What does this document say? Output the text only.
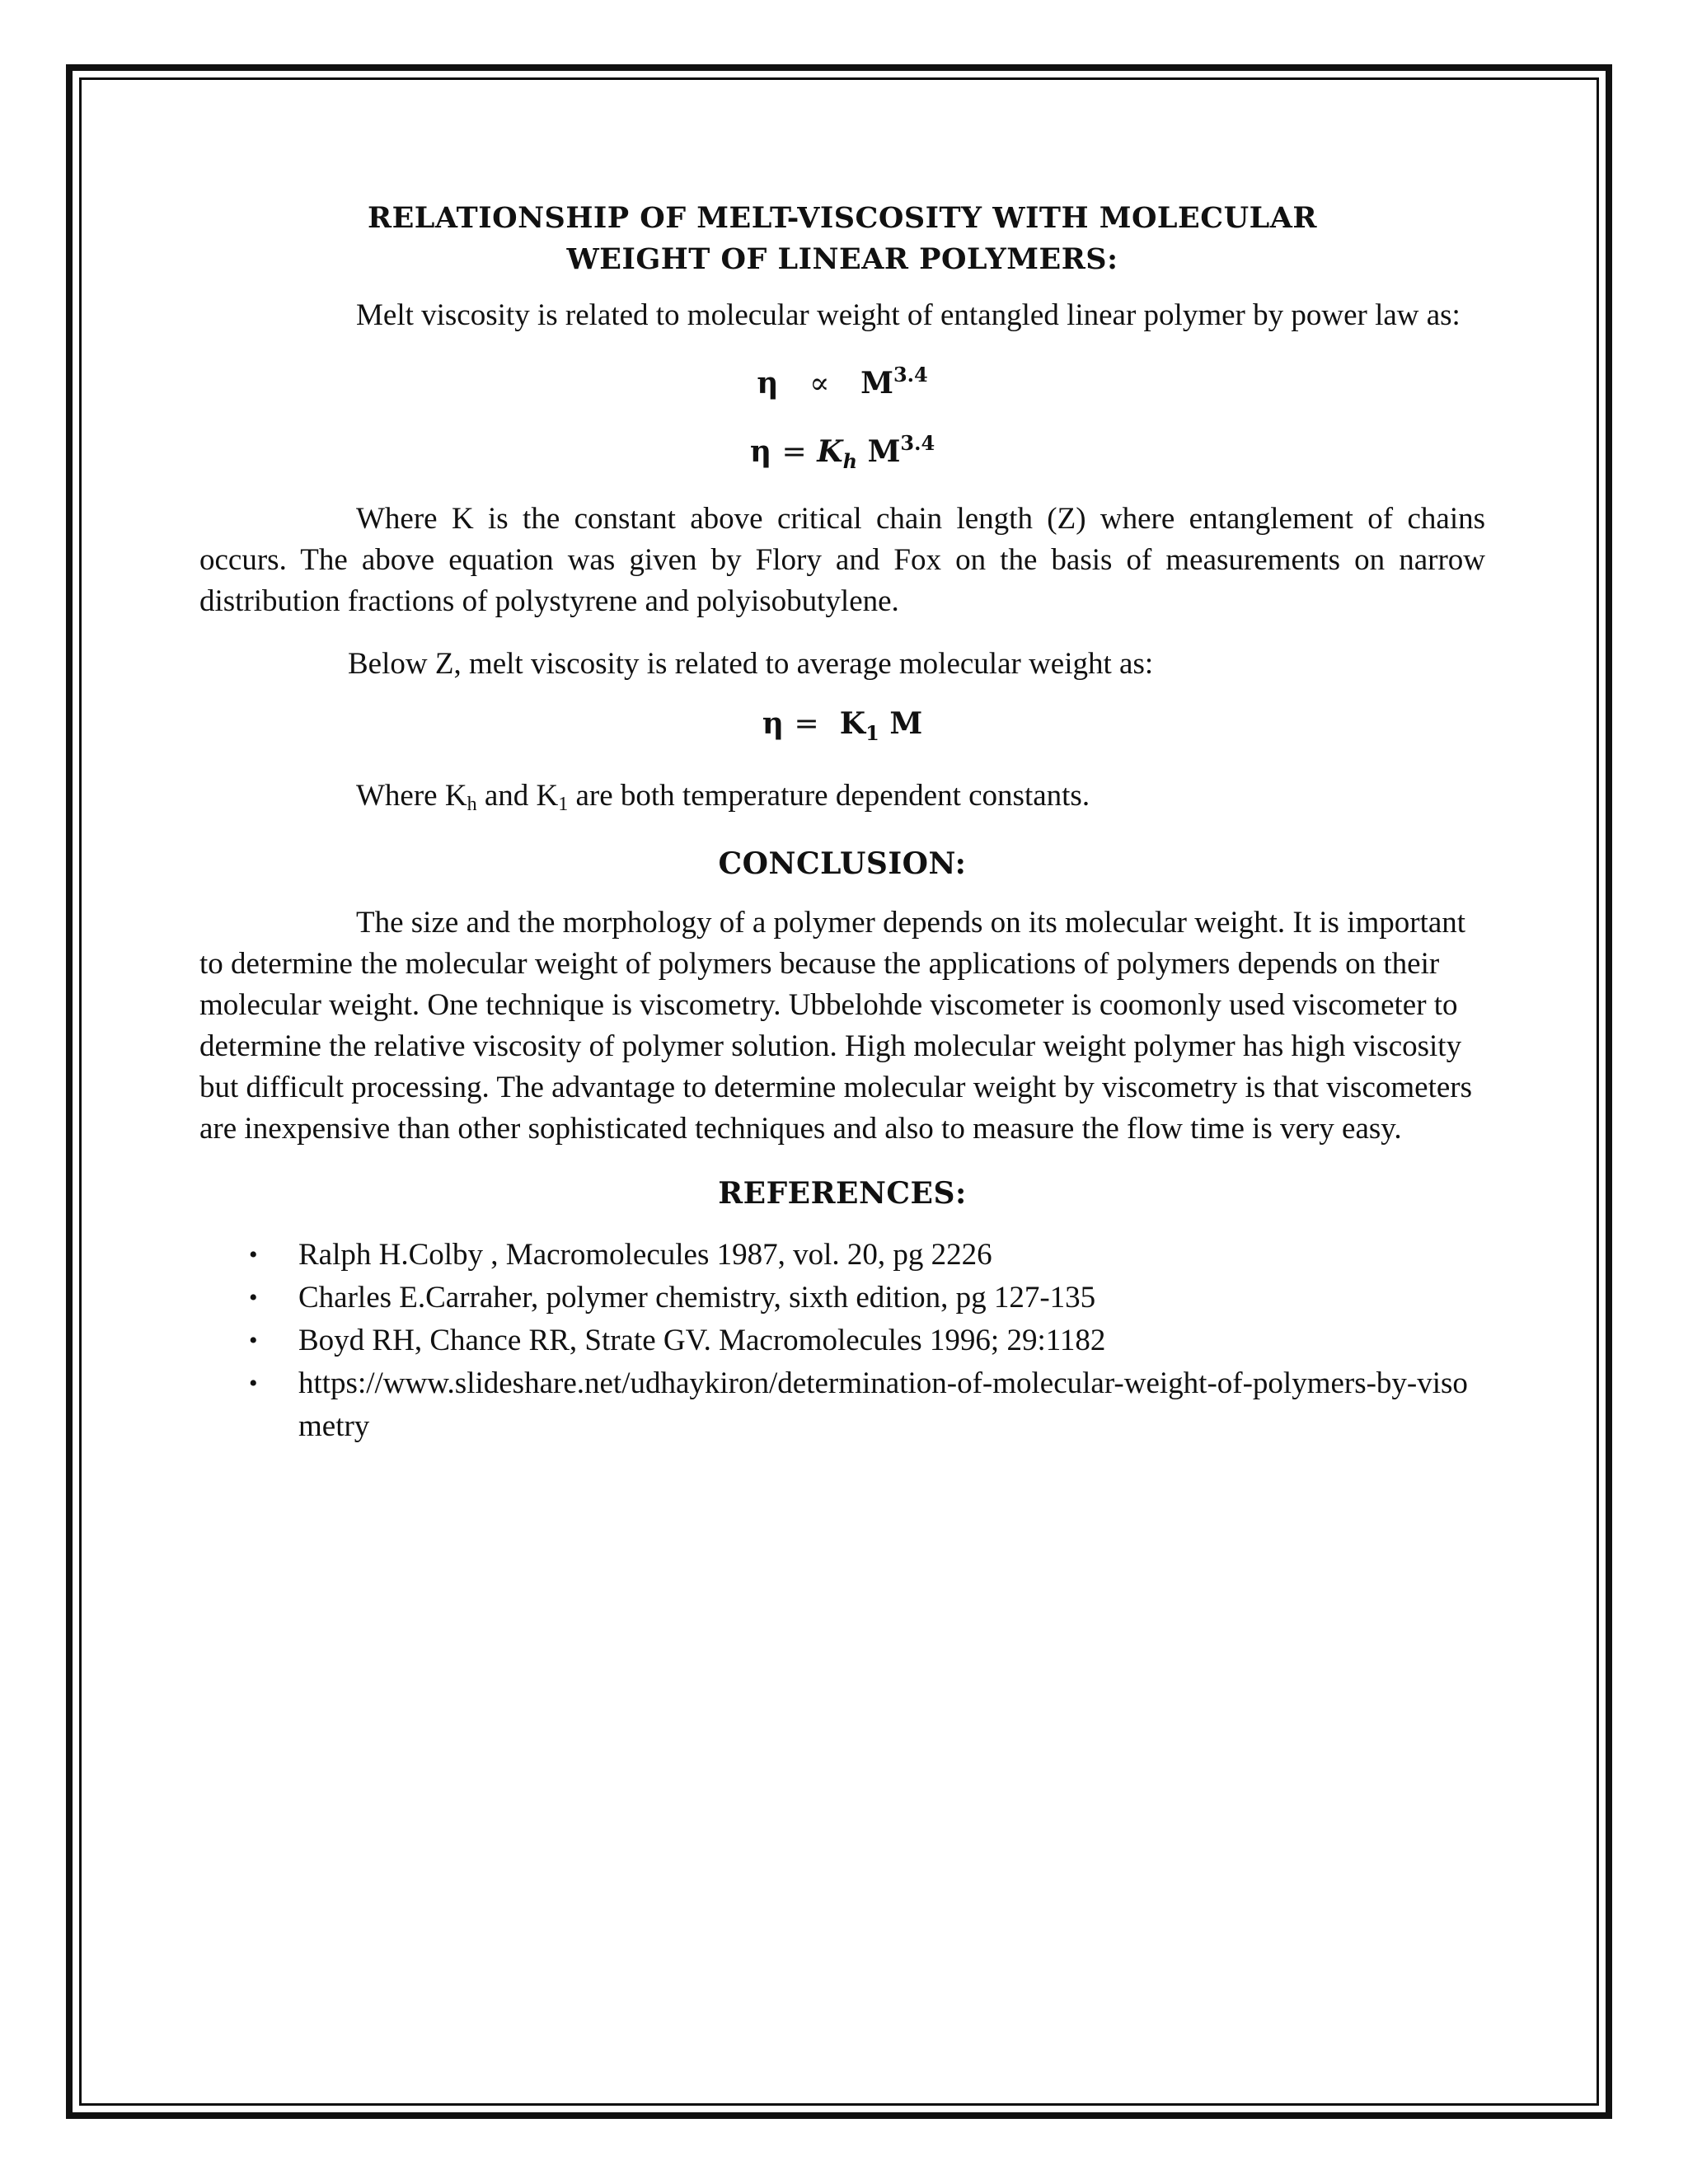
RELATIONSHIP OF MELT-VISCOSITY WITH MOLECULAR
WEIGHT OF LINEAR POLYMERS:

Melt viscosity is related to molecular weight of entangled linear polymer by power law as:

$\eta \propto M^{3.4}$
$\eta = K_h$ $M^{3.4}$

Where K is the constant above critical chain length (Z) where entanglement of chains occurs. The above equation was given by Flory and Fox on the basis of measurements on narrow distribution fractions of polystyrene and polyisobutylene.

Below Z, melt viscosity is related to average molecular weight as:

$\eta = K_1$ M

Where Kh and K1 are both temperature dependent constants.

CONCLUSION:

The size and the morphology of a polymer depends on its molecular weight. It is important to determine the molecular weight of polymers because the applications of polymers depends on their molecular weight. One technique is viscometry. Ubbelohde viscometer is coomonly used viscometer to determine the relative viscosity of polymer solution. High molecular weight polymer has high viscosity but difficult processing. The advantage to determine molecular weight by viscometry is that viscometers are inexpensive than other sophisticated techniques and also to measure the flow time is very easy.

REFERENCES:
• Ralph H.Colby , Macromolecules 1987, vol. 20, pg 2226
• Charles E.Carraher, polymer chemistry, sixth edition, pg 127-135
• Boyd RH, Chance RR, Strate GV. Macromolecules 1996; 29:1182
• https://www.slideshare.net/udhaykiron/determination-of-molecular-weight-of-polymers-by-visometry
